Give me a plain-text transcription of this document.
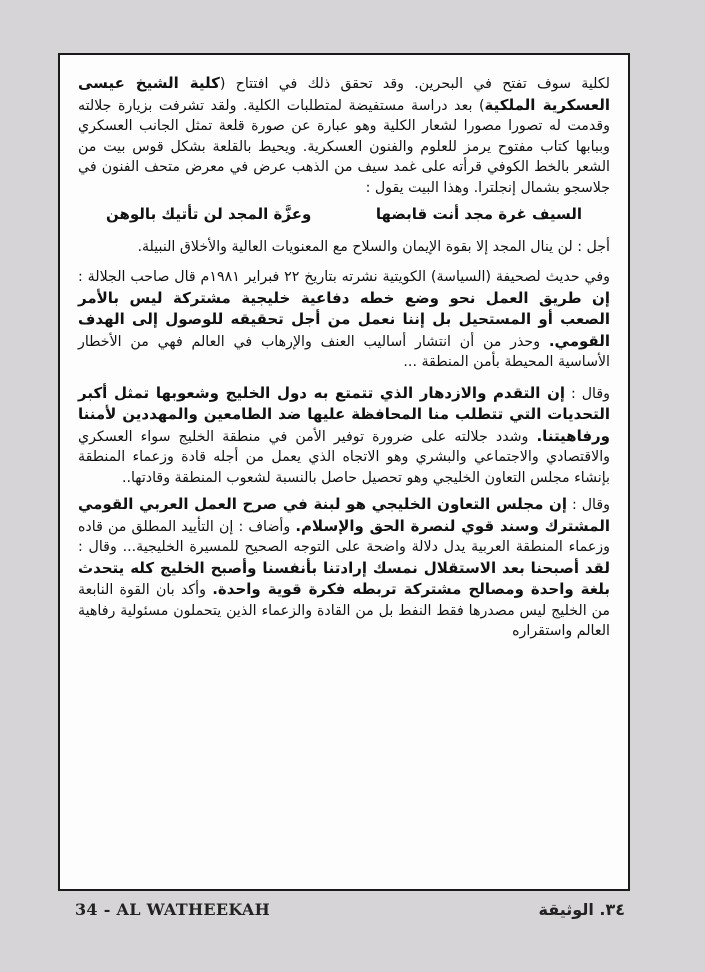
لكلية سوف تفتح في البحرين. وقد تحقق ذلك في افتتاح (كلية الشيخ عيسى العسكرية الملكية) بعد دراسة مستفيضة لمتطلبات الكلية. ولقد تشرفت بزيارة جلالته وقدمت له تصورا مصورا لشعار الكلية وهو عبارة عن صورة قلعة تمثل الجانب العسكري وببابها كتاب مفتوح يرمز للعلوم والفنون العسكرية. ويحيط بالقلعة بشكل قوس بيت من الشعر بالخط الكوفي قرأته على غمد سيف من الذهب عرض في معرض متحف الفنون في جلاسجو بشمال إنجلترا. وهذا البيت يقول :

السيف غرة مجد أنت قابضها
وعزَّة المجد لن تأتيك بالوهن

أجل : لن ينال المجد إلا بقوة الإيمان والسلاح مع المعنويات العالية والأخلاق النبيلة.

وفي حديث لصحيفة (السياسة) الكويتية نشرته بتاريخ ٢٢ فبراير ١٩٨١م قال صاحب الجلالة : إن طريق العمل نحو وضع خطه دفاعية خليجية مشتركة ليس بالأمر الصعب أو المستحيل بل إننا نعمل من أجل تحقيقه للوصول إلى الهدف القومي. وحذر من أن انتشار أساليب العنف والإرهاب في العالم فهي من الأخطار الأساسية المحيطة بأمن المنطقة ...

وقال : إن التقدم والازدهار الذي تتمتع به دول الخليج وشعوبها تمثل أكبر التحديات التي تتطلب منا المحافظة عليها ضد الطامعين والمهددين لأمننا ورفاهيتنا. وشدد جلالته على ضرورة توفير الأمن في منطقة الخليج سواء العسكري والاقتصادي والاجتماعي والبشري وهو الاتجاه الذي يعمل من أجله قادة وزعماء المنطقة بإنشاء مجلس التعاون الخليجي وهو تحصيل حاصل بالنسبة لشعوب المنطقة وقادتها..

وقال : إن مجلس التعاون الخليجي هو لبنة في صرح العمل العربي القومي المشترك وسند قوي لنصرة الحق والإسلام. وأضاف : إن التأييد المطلق من قاده وزعماء المنطقة العربية يدل دلالة واضحة على التوجه الصحيح للمسيرة الخليجية... وقال : لقد أصبحنا بعد الاستقلال نمسك إرادتنا بأنفسنا وأصبح الخليج كله يتحدث بلغة واحدة ومصالح مشتركة تربطه فكرة قوية واحدة. وأكد بان القوة النابعة من الخليج ليس مصدرها فقط النفط بل من القادة والزعماء الذين يتحملون مسئولية رفاهية العالم واستقراره

34 - AL WATHEEKAH	٣٤. الوثيقة
